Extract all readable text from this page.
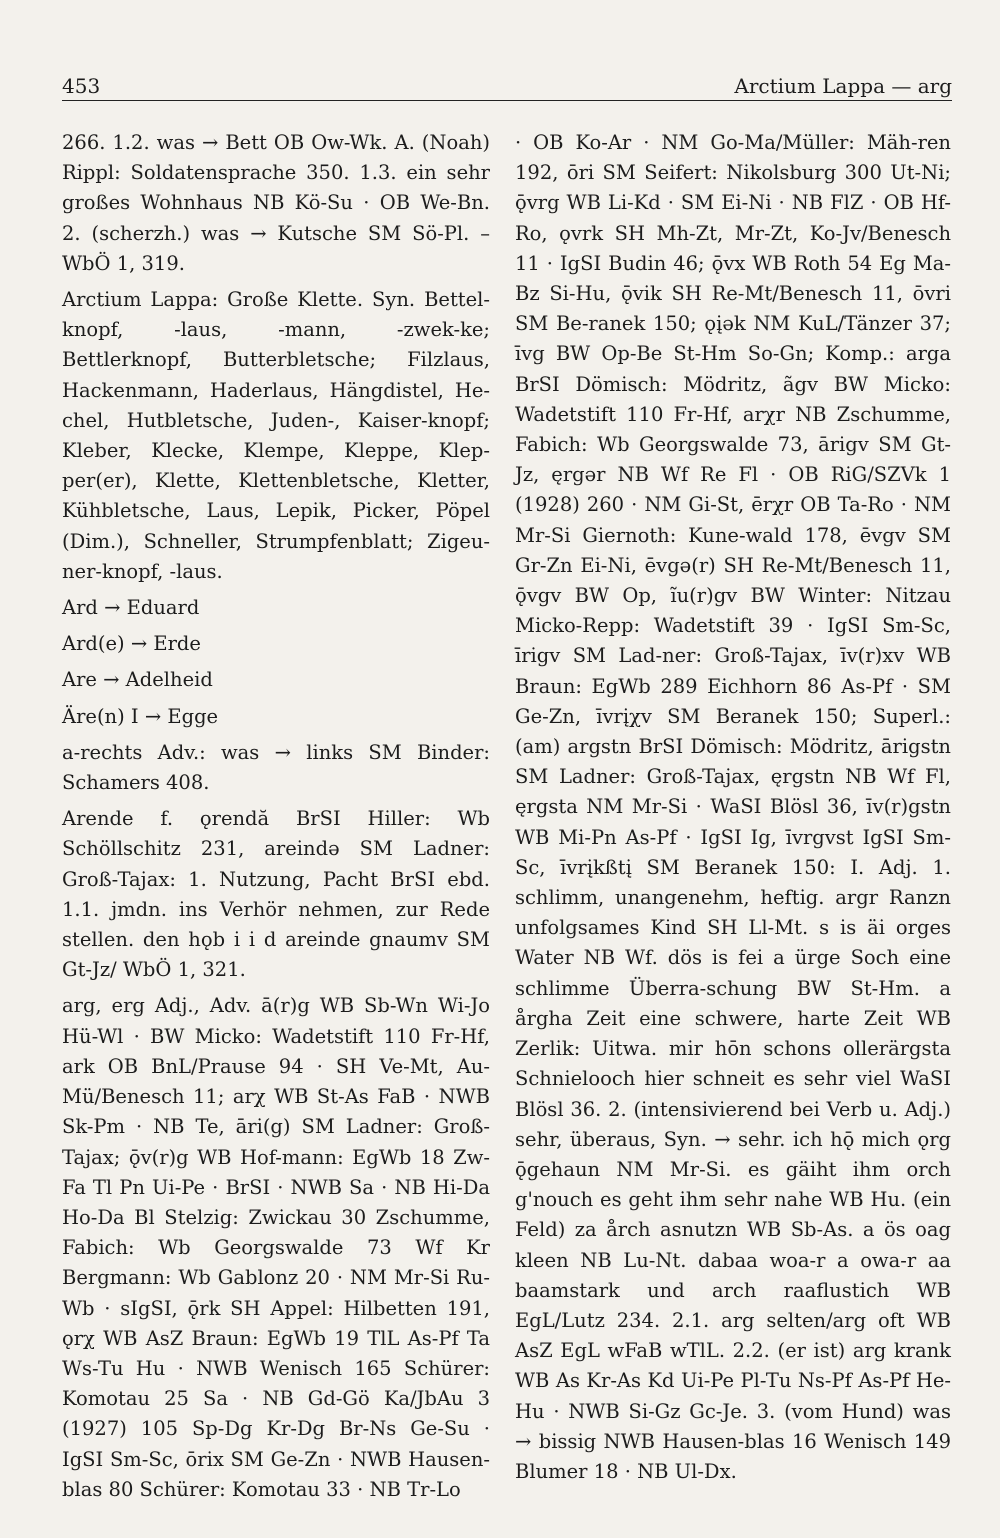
453	Arctium Lappa — arg

266. 1.2. was → Bett OB Ow-Wk. A. (Noah) Rippl: Soldatensprache 350. 1.3. ein sehr großes Wohnhaus NB Kö-Su · OB We-Bn. 2. (scherzh.) was → Kutsche SM Sö-Pl. – WbÖ 1, 319.

Arctium Lappa: Große Klette. Syn. Bettel-knopf, -laus, -mann, -zwek-ke; Bettlerknopf, Butterbletsche; Filzlaus, Hackenmann, Haderlaus, Hängdistel, He-chel, Hutbletsche, Juden-, Kaiser-knopf; Kleber, Klecke, Klempe, Kleppe, Klep-per(er), Klette, Klettenbletsche, Kletter, Kühbletsche, Laus, Lepik, Picker, Pöpel (Dim.), Schneller, Strumpfenblatt; Zigeu-ner-knopf, -laus.

Ard → Eduard

Ard(e) → Erde

Are → Adelheid

Äre(n) I → Egge

a-rechts Adv.: was → links SM Binder: Schamers 408.

Arende f. ǫrendă BrSI Hiller: Wb Schöllschitz 231, areində SM Ladner: Groß-Tajax: 1. Nutzung, Pacht BrSI ebd. 1.1. jmdn. ins Verhör nehmen, zur Rede stellen. den hǫb i i d areinde gnaumv SM Gt-Jz/ WbÖ 1, 321.

arg, erg Adj., Adv. ā(r)g WB Sb-Wn Wi-Jo Hü-Wl · BW Micko: Wadetstift 110 Fr-Hf, ark OB BnL/Prause 94 · SH Ve-Mt, Au-Mü/Benesch 11; arχ WB St-As FaB · NWB Sk-Pm · NB Te, āri(g) SM Ladner: Groß-Tajax; ǭv(r)g WB Hof-mann: EgWb 18 Zw-Fa Tl Pn Ui-Pe · BrSI · NWB Sa · NB Hi-Da Ho-Da Bl Stelzig: Zwickau 30 Zschumme, Fabich: Wb Georgswalde 73 Wf Kr Bergmann: Wb Gablonz 20 · NM Mr-Si Ru-Wb · sIgSI, ǭrk SH Appel: Hilbetten 191, ǫrχ WB AsZ Braun: EgWb 19 TlL As-Pf Ta Ws-Tu Hu · NWB Wenisch 165 Schürer: Komotau 25 Sa · NB Gd-Gö Ka/JbAu 3 (1927) 105 Sp-Dg Kr-Dg Br-Ns Ge-Su · IgSI Sm-Sc, ōrix SM Ge-Zn · NWB Hausen-blas 80 Schürer: Komotau 33 · NB Tr-Lo

· OB Ko-Ar · NM Go-Ma/Müller: Mäh-ren 192, ōri SM Seifert: Nikolsburg 300 Ut-Ni; ǭvrg WB Li-Kd · SM Ei-Ni · NB FlZ · OB Hf-Ro, ǫvrk SH Mh-Zt, Mr-Zt, Ko-Jv/Benesch 11 · IgSI Budin 46; ǭvx WB Roth 54 Eg Ma-Bz Si-Hu, ǭvik SH Re-Mt/Benesch 11, ōvri SM Be-ranek 150; ǫįək NM KuL/Tänzer 37; īvg BW Op-Be St-Hm So-Gn; Komp.: arga BrSI Dömisch: Mödritz, ãgv BW Micko: Wadetstift 110 Fr-Hf, arχr NB Zschumme, Fabich: Wb Georgswalde 73, ārigv SM Gt-Jz, ęrgər NB Wf Re Fl · OB RiG/SZVk 1 (1928) 260 · NM Gi-St, ērχr OB Ta-Ro · NM Mr-Si Giernoth: Kune-wald 178, ēvgv SM Gr-Zn Ei-Ni, ēvgə(r) SH Re-Mt/Benesch 11, ǭvgv BW Op, ĩu(r)gv BW Winter: Nitzau Micko-Repp: Wadetstift 39 · IgSI Sm-Sc, īrigv SM Lad-ner: Groß-Tajax, īv(r)xv WB Braun: EgWb 289 Eichhorn 86 As-Pf · SM Ge-Zn, īvrįχv SM Beranek 150; Superl.: (am) argstn BrSI Dömisch: Mödritz, ārigstn SM Ladner: Groß-Tajax, ęrgstn NB Wf Fl, ęrgsta NM Mr-Si · WaSI Blösl 36, īv(r)gstn WB Mi-Pn As-Pf · IgSI Ig, īvrgvst IgSI Sm-Sc, īvrįkßtį SM Beranek 150: I. Adj. 1. schlimm, unangenehm, heftig. argr Ranzn unfolgsames Kind SH Ll-Mt. s is äi orges Water NB Wf. dös is fei a ürge Soch eine schlimme Überra-schung BW St-Hm. a årgha Zeit eine schwere, harte Zeit WB Zerlik: Uitwa. mir hōn schons ollerärgsta Schnielooch hier schneit es sehr viel WaSI Blösl 36. 2. (intensivierend bei Verb u. Adj.) sehr, überaus, Syn. → sehr. ich hǭ mich ǫrg ǭgehaun NM Mr-Si. es gäiht ihm orch g'nouch es geht ihm sehr nahe WB Hu. (ein Feld) za årch asnutzn WB Sb-As. a ös oag kleen NB Lu-Nt. dabaa woa-r a owa-r aa baamstark und arch raaflustich WB EgL/Lutz 234. 2.1. arg selten/arg oft WB AsZ EgL wFaB wTlL. 2.2. (er ist) arg krank WB As Kr-As Kd Ui-Pe Pl-Tu Ns-Pf As-Pf He-Hu · NWB Si-Gz Gc-Je. 3. (vom Hund) was → bissig NWB Hausen-blas 16 Wenisch 149 Blumer 18 · NB Ul-Dx.
